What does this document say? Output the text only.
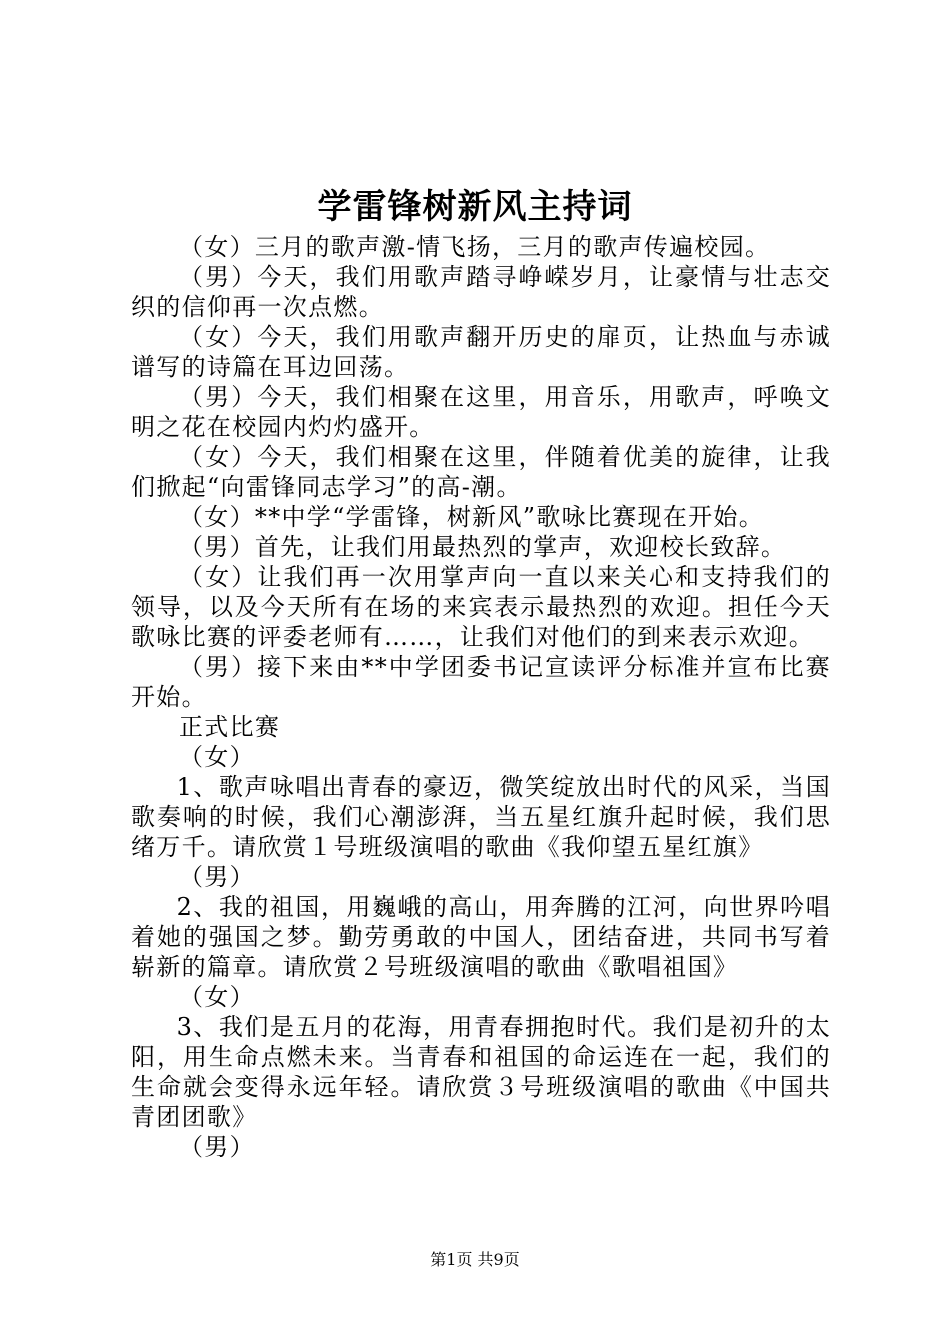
学雷锋树新风主持词

（女）三月的歌声激-情飞扬，三月的歌声传遍校园。

（男）今天，我们用歌声踏寻峥嵘岁月，让豪情与壮志交织的信仰再一次点燃。

（女）今天，我们用歌声翻开历史的扉页，让热血与赤诚谱写的诗篇在耳边回荡。

（男）今天，我们相聚在这里，用音乐，用歌声，呼唤文明之花在校园内灼灼盛开。

（女）今天，我们相聚在这里，伴随着优美的旋律，让我们掀起“向雷锋同志学习”的高-潮。

（女）**中学“学雷锋，树新风”歌咏比赛现在开始。

（男）首先，让我们用最热烈的掌声，欢迎校长致辞。

（女）让我们再一次用掌声向一直以来关心和支持我们的领导，以及今天所有在场的来宾表示最热烈的欢迎。担任今天歌咏比赛的评委老师有……，让我们对他们的到来表示欢迎。

（男）接下来由**中学团委书记宣读评分标准并宣布比赛开始。

正式比赛

（女）

1、歌声咏唱出青春的豪迈，微笑绽放出时代的风采，当国歌奏响的时候，我们心潮澎湃，当五星红旗升起时候，我们思绪万千。请欣赏１号班级演唱的歌曲《我仰望五星红旗》

（男）

2、我的祖国，用巍峨的高山，用奔腾的江河，向世界吟唱着她的强国之梦。勤劳勇敢的中国人，团结奋进，共同书写着崭新的篇章。请欣赏２号班级演唱的歌曲《歌唱祖国》

（女）

3、我们是五月的花海，用青春拥抱时代。我们是初升的太阳，用生命点燃未来。当青春和祖国的命运连在一起，我们的生命就会变得永远年轻。请欣赏３号班级演唱的歌曲《中国共青团团歌》

（男）

第1页 共9页
